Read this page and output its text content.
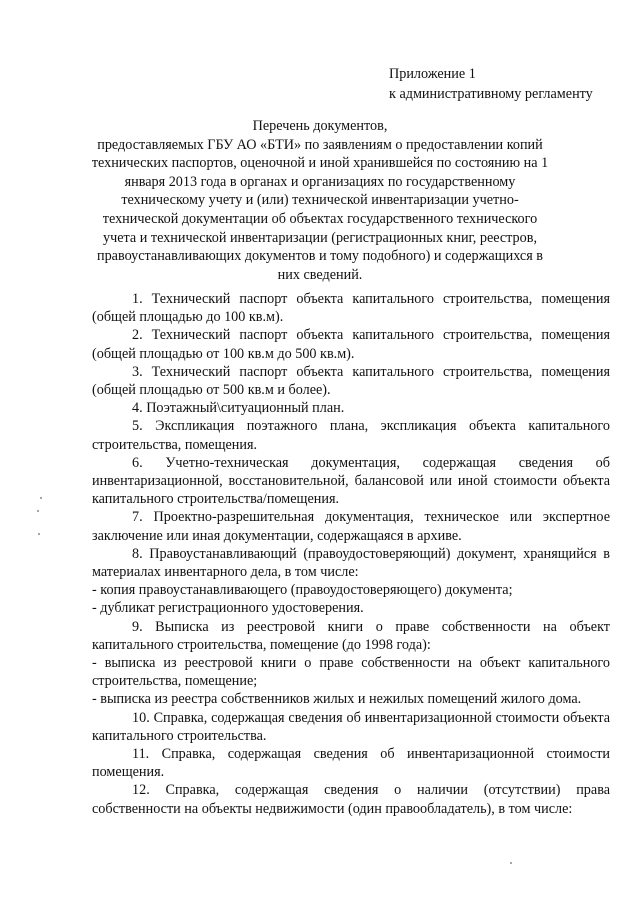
Приложение 1
к административному регламенту
Перечень документов,
предоставляемых ГБУ АО «БТИ» по заявлениям о предоставлении копий технических паспортов, оценочной и иной хранившейся по состоянию на 1 января 2013 года в органах и организациях по государственному техническому учету и (или) технической инвентаризации учетно-технической документации об объектах государственного технического учета и технической инвентаризации (регистрационных книг, реестров, правоустанавливающих документов и тому подобного) и содержащихся в них сведений.

1. Технический паспорт объекта капитального строительства, помещения (общей площадью до 100 кв.м).

2. Технический паспорт объекта капитального строительства, помещения (общей площадью от 100 кв.м до 500 кв.м).

3. Технический паспорт объекта капитального строительства, помещения (общей площадью от 500 кв.м и более).

4. Поэтажный\ситуационный план.

5. Экспликация поэтажного плана, экспликация объекта капитального строительства, помещения.

6. Учетно-техническая документация, содержащая сведения об инвентаризационной, восстановительной, балансовой или иной стоимости объекта капитального строительства/помещения.

7. Проектно-разрешительная документация, техническое или экспертное заключение или иная документации, содержащаяся в архиве.

8. Правоустанавливающий (правоудостоверяющий) документ, хранящийся в материалах инвентарного дела, в том числе:

- копия правоустанавливающего (правоудостоверяющего) документа;

- дубликат регистрационного удостоверения.

9. Выписка из реестровой книги о праве собственности на объект капитального строительства, помещение (до 1998 года):

- выписка из реестровой книги о праве собственности на объект капитального строительства, помещение;

- выписка из реестра собственников жилых и нежилых помещений жилого дома.

10. Справка, содержащая сведения об инвентаризационной стоимости объекта капитального строительства.

11. Справка, содержащая сведения об инвентаризационной стоимости помещения.

12. Справка, содержащая сведения о наличии (отсутствии) права собственности на объекты недвижимости (один правообладатель), в том числе:
